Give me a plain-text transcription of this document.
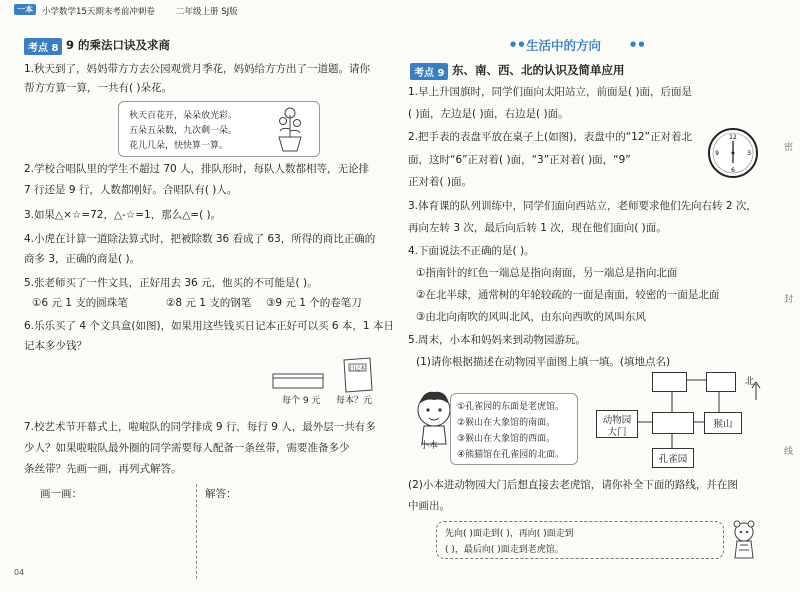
一本	小学数学15天期末考前冲刺卷 二年级上册 SJ版
考点 8 9 的乘法口诀及求商
1.秋天到了，妈妈带方方去公园观赏月季花，妈妈给方方出了一道题。请你
帮方方算一算，一共有( )朵花。
秋天百花开，朵朵放光彩。
五朵五朵数，九次剩一朵。
花儿几朵，快快算一算。
2.学校合唱队里的学生不超过 70 人，排队形时，每队人数都相等，无论排
7 行还是 9 行，人数都刚好。合唱队有( )人。
3.如果△×☆=72，△-☆=1，那么△=( )。
4.小虎在计算一道除法算式时，把被除数 36 看成了 63，所得的商比正确的
商多 3，正确的商是( )。
5.张老师买了一件文具，正好用去 36 元，他买的不可能是( )。
①6 元 1 支的圆珠笔	②8 元 1 支的钢笔 ③9 元 1 个的卷笔刀
6.乐乐买了 4 个文具盒(如图)，如果用这些钱买日记本正好可以买 6 本，1 本日
记本多少钱？
每个 9 元
日记本
每本？元
7.校艺术节开幕式上，啦啦队的同学排成 9 行，每行 9 人，最外层一共有多
少人？如果啦啦队最外圈的同学需要每人配备一条丝带，需要准备多少
条丝带？先画一画，再列式解答。
画一画：	解答：
04
生活中的方向
● ●	● ●
考点 9 东、南、西、北的认识及简单应用
1.早上升国旗时，同学们面向太阳站立，前面是( )面，后面是
( )面，左边是( )面，右边是( )面。
2.把手表的表盘平放在桌子上(如图)，表盘中的“12”正对着北
面，这时“6”正对着( )面，“3”正对着( )面，“9”
正对着( )面。
12
3
6
9
3.体育课的队列训练中，同学们面向西站立，老师要求他们先向右转 2 次，
再向左转 3 次，最后向后转 1 次，现在他们面向( )面。
4.下面说法不正确的是( )。
①指南针的红色一端总是指向南面，另一端总是指向北面
②在北半球，通常树的年轮较疏的一面是南面，较密的一面是北面
③由北向南吹的风叫北风，由东向西吹的风叫东风
5.周末，小本和妈妈来到动物园游玩。
(1)请你根据描述在动物园平面图上填一填。(填地点名)
小本
①孔雀园的东面是老虎馆。
②猴山在大象馆的南面。
③猴山在大象馆的西面。
④熊猫馆在孔雀园的北面。
动物园
大门
猴山
孔雀园
北
(2)小本进动物园大门后想直接去老虎馆，请你补全下面的路线，并在图
中画出。
先向( )面走到( )，再向( )面走到
( )，最后向( )面走到老虎馆。
密
封
线
